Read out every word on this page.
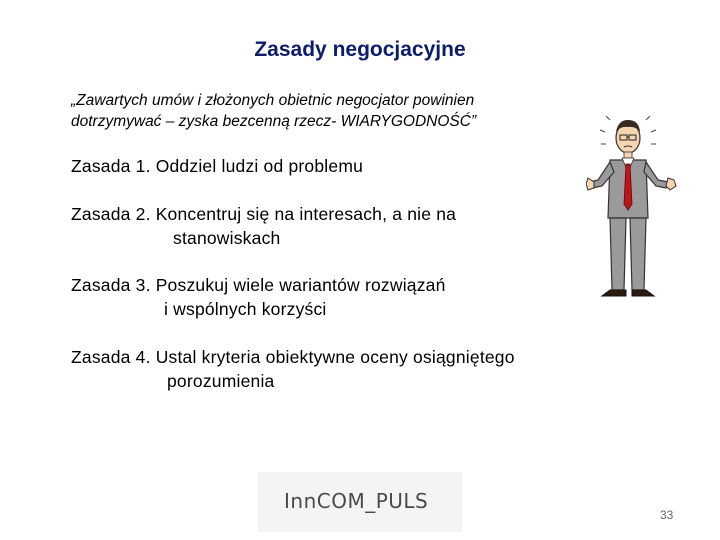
Zasady negocjacyjne
„Zawartych umów i złożonych obietnic negocjator powinien
dotrzymywać – zyska bezcenną rzecz- WIARYGODNOŚĆ”
Zasada 1. Oddziel ludzi od problemu
Zasada 2. Koncentruj się na interesach, a nie na
stanowiskach
Zasada 3. Poszukuj wiele wariantów rozwiązań
i wspólnych korzyści
Zasada 4. Ustal kryteria obiektywne oceny osiągniętego
porozumienia
InnCOM_PULS
33
